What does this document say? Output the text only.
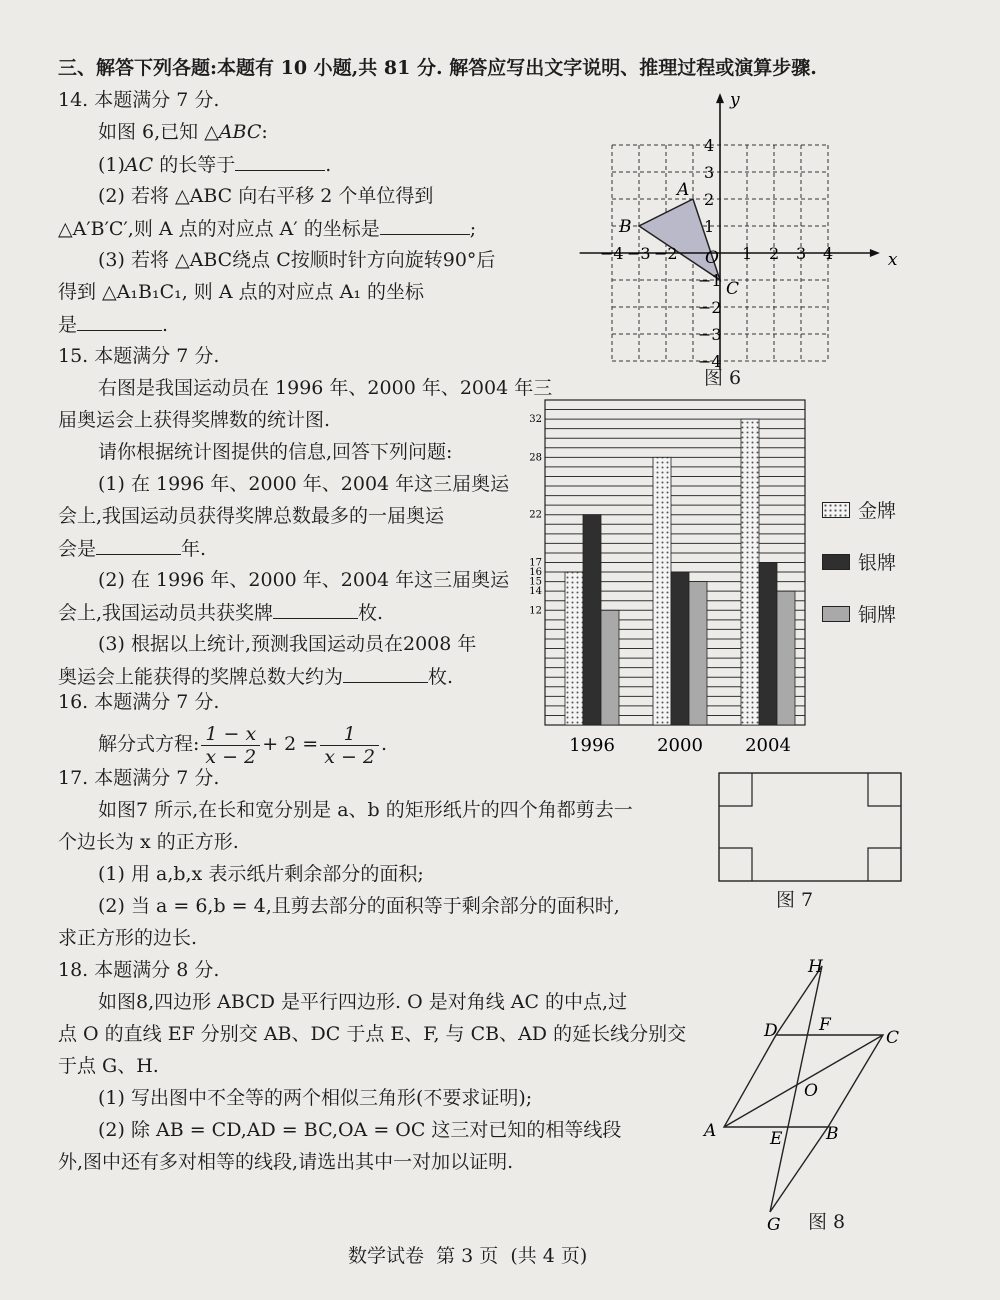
三、解答下列各题:本题有 10 小题,共 81 分. 解答应写出文字说明、推理过程或演算步骤.
14. 本题满分 7 分.
如图 6,已知 △ABC:
(1)AC 的长等于	.
(2) 若将 △ABC 向右平移 2 个单位得到
△A′B′C′,则 A 点的对应点 A′ 的坐标是	;
(3) 若将 △ABC绕点 C按顺时针方向旋转90°后
得到 △A₁B₁C₁, 则 A 点的对应点 A₁ 的坐标
是	.
−4 −3 −2	1 2 3 4
4
3
2
1
−1
−2
−3
−4
x
y
O
A
B
C
图 6
15. 本题满分 7 分.
右图是我国运动员在 1996 年、2000 年、2004 年三
届奥运会上获得奖牌数的统计图.
请你根据统计图提供的信息,回答下列问题:
(1) 在 1996 年、2000 年、2004 年这三届奥运
会上,我国运动员获得奖牌总数最多的一届奥运
会是	年.
(2) 在 1996 年、2000 年、2004 年这三届奥运
会上,我国运动员共获奖牌	枚.
(3) 根据以上统计,预测我国运动员在2008 年
奥运会上能获得的奖牌总数大约为	枚.
12
14
15
16
17
22
28
32
1996 2000 2004
金牌
银牌
铜牌
16. 本题满分 7 分.
解分式方程: $\frac{1 - x}{x - 2} + 2 = \frac{1}{x - 2}$ .
17. 本题满分 7 分.
如图7 所示,在长和宽分别是 a、b 的矩形纸片的四个角都剪去一
个边长为 x 的正方形.
(1) 用 a,b,x 表示纸片剩余部分的面积;
(2) 当 a = 6,b = 4,且剪去部分的面积等于剩余部分的面积时,
求正方形的边长.
图 7
18. 本题满分 8 分.
如图8,四边形 ABCD 是平行四边形. O 是对角线 AC 的中点,过
点 O 的直线 EF 分别交 AB、DC 于点 E、F, 与 CB、AD 的延长线分别交
于点 G、H.
(1) 写出图中不全等的两个相似三角形(不要求证明);
(2) 除 AB = CD,AD = BC,OA = OC 这三对已知的相等线段
外,图中还有多对相等的线段,请选出其中一对加以证明.
H
D F
C
O
A	E	B
G 图 8
数学试卷  第 3 页  (共 4 页)
